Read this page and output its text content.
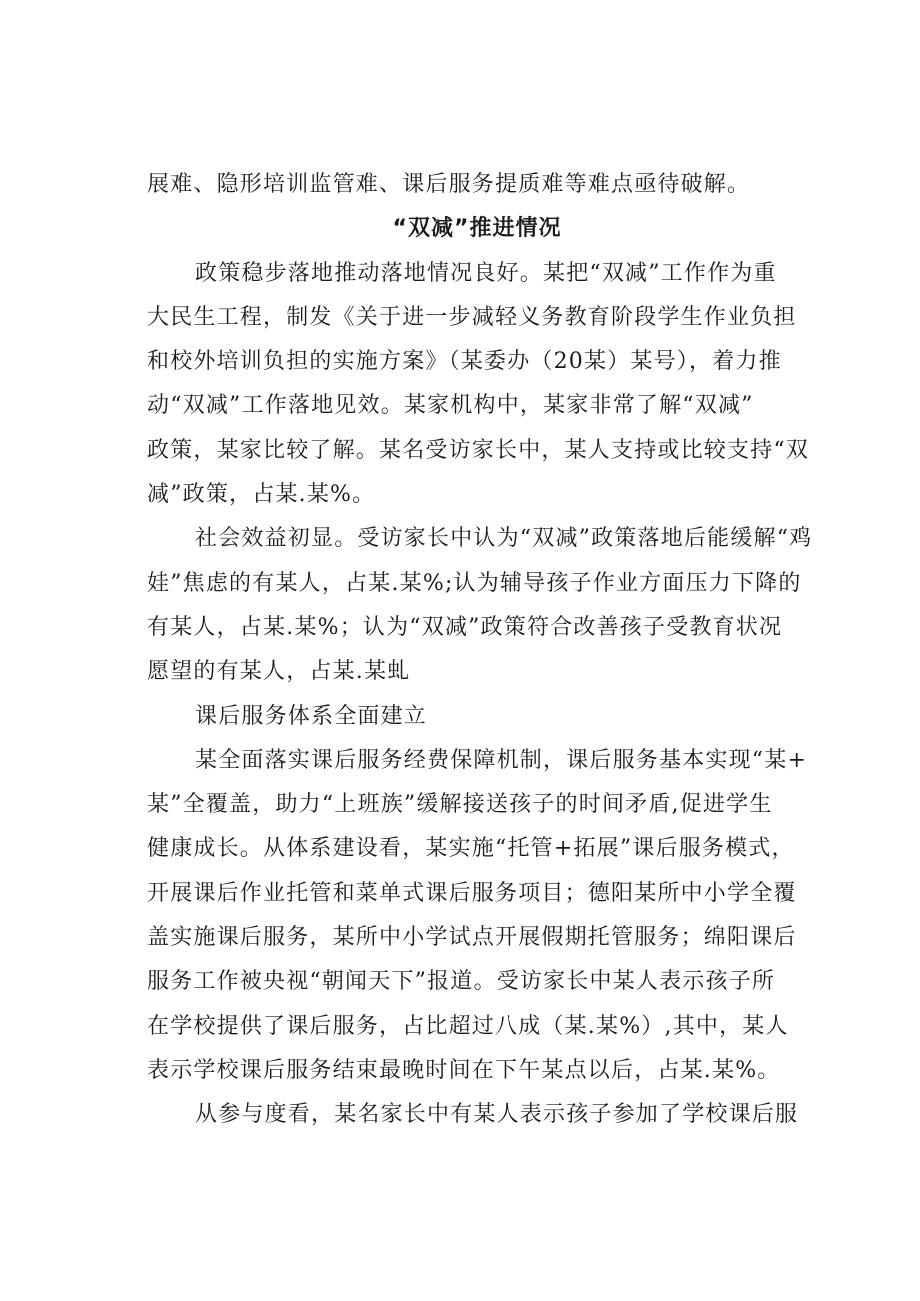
展难、隐形培训监管难、课后服务提质难等难点亟待破解。
“双减”推进情况
政策稳步落地推动落地情况良好。某把“双减”工作作为重
大民生工程，制发《关于进一步减轻义务教育阶段学生作业负担
和校外培训负担的实施方案》（某委办（20某）某号），着力推
动“双减”工作落地见效。某家机构中，某家非常了解“双减”
政策，某家比较了解。某名受访家长中，某人支持或比较支持“双
减”政策，占某.某%。
社会效益初显。受访家长中认为“双减”政策落地后能缓解“鸡
娃”焦虑的有某人，占某.某%;认为辅导孩子作业方面压力下降的
有某人，占某.某%；认为“双减”政策符合改善孩子受教育状况
愿望的有某人，占某.某虬
课后服务体系全面建立
某全面落实课后服务经费保障机制，课后服务基本实现“某+
某”全覆盖，助力“上班族”缓解接送孩子的时间矛盾,促进学生
健康成长。从体系建设看，某实施“托管+拓展”课后服务模式，
开展课后作业托管和菜单式课后服务项目；德阳某所中小学全覆
盖实施课后服务，某所中小学试点开展假期托管服务；绵阳课后
服务工作被央视“朝闻天下”报道。受访家长中某人表示孩子所
在学校提供了课后服务，占比超过八成（某.某%）,其中，某人
表示学校课后服务结束最晚时间在下午某点以后，占某.某%。
从参与度看，某名家长中有某人表示孩子参加了学校课后服
